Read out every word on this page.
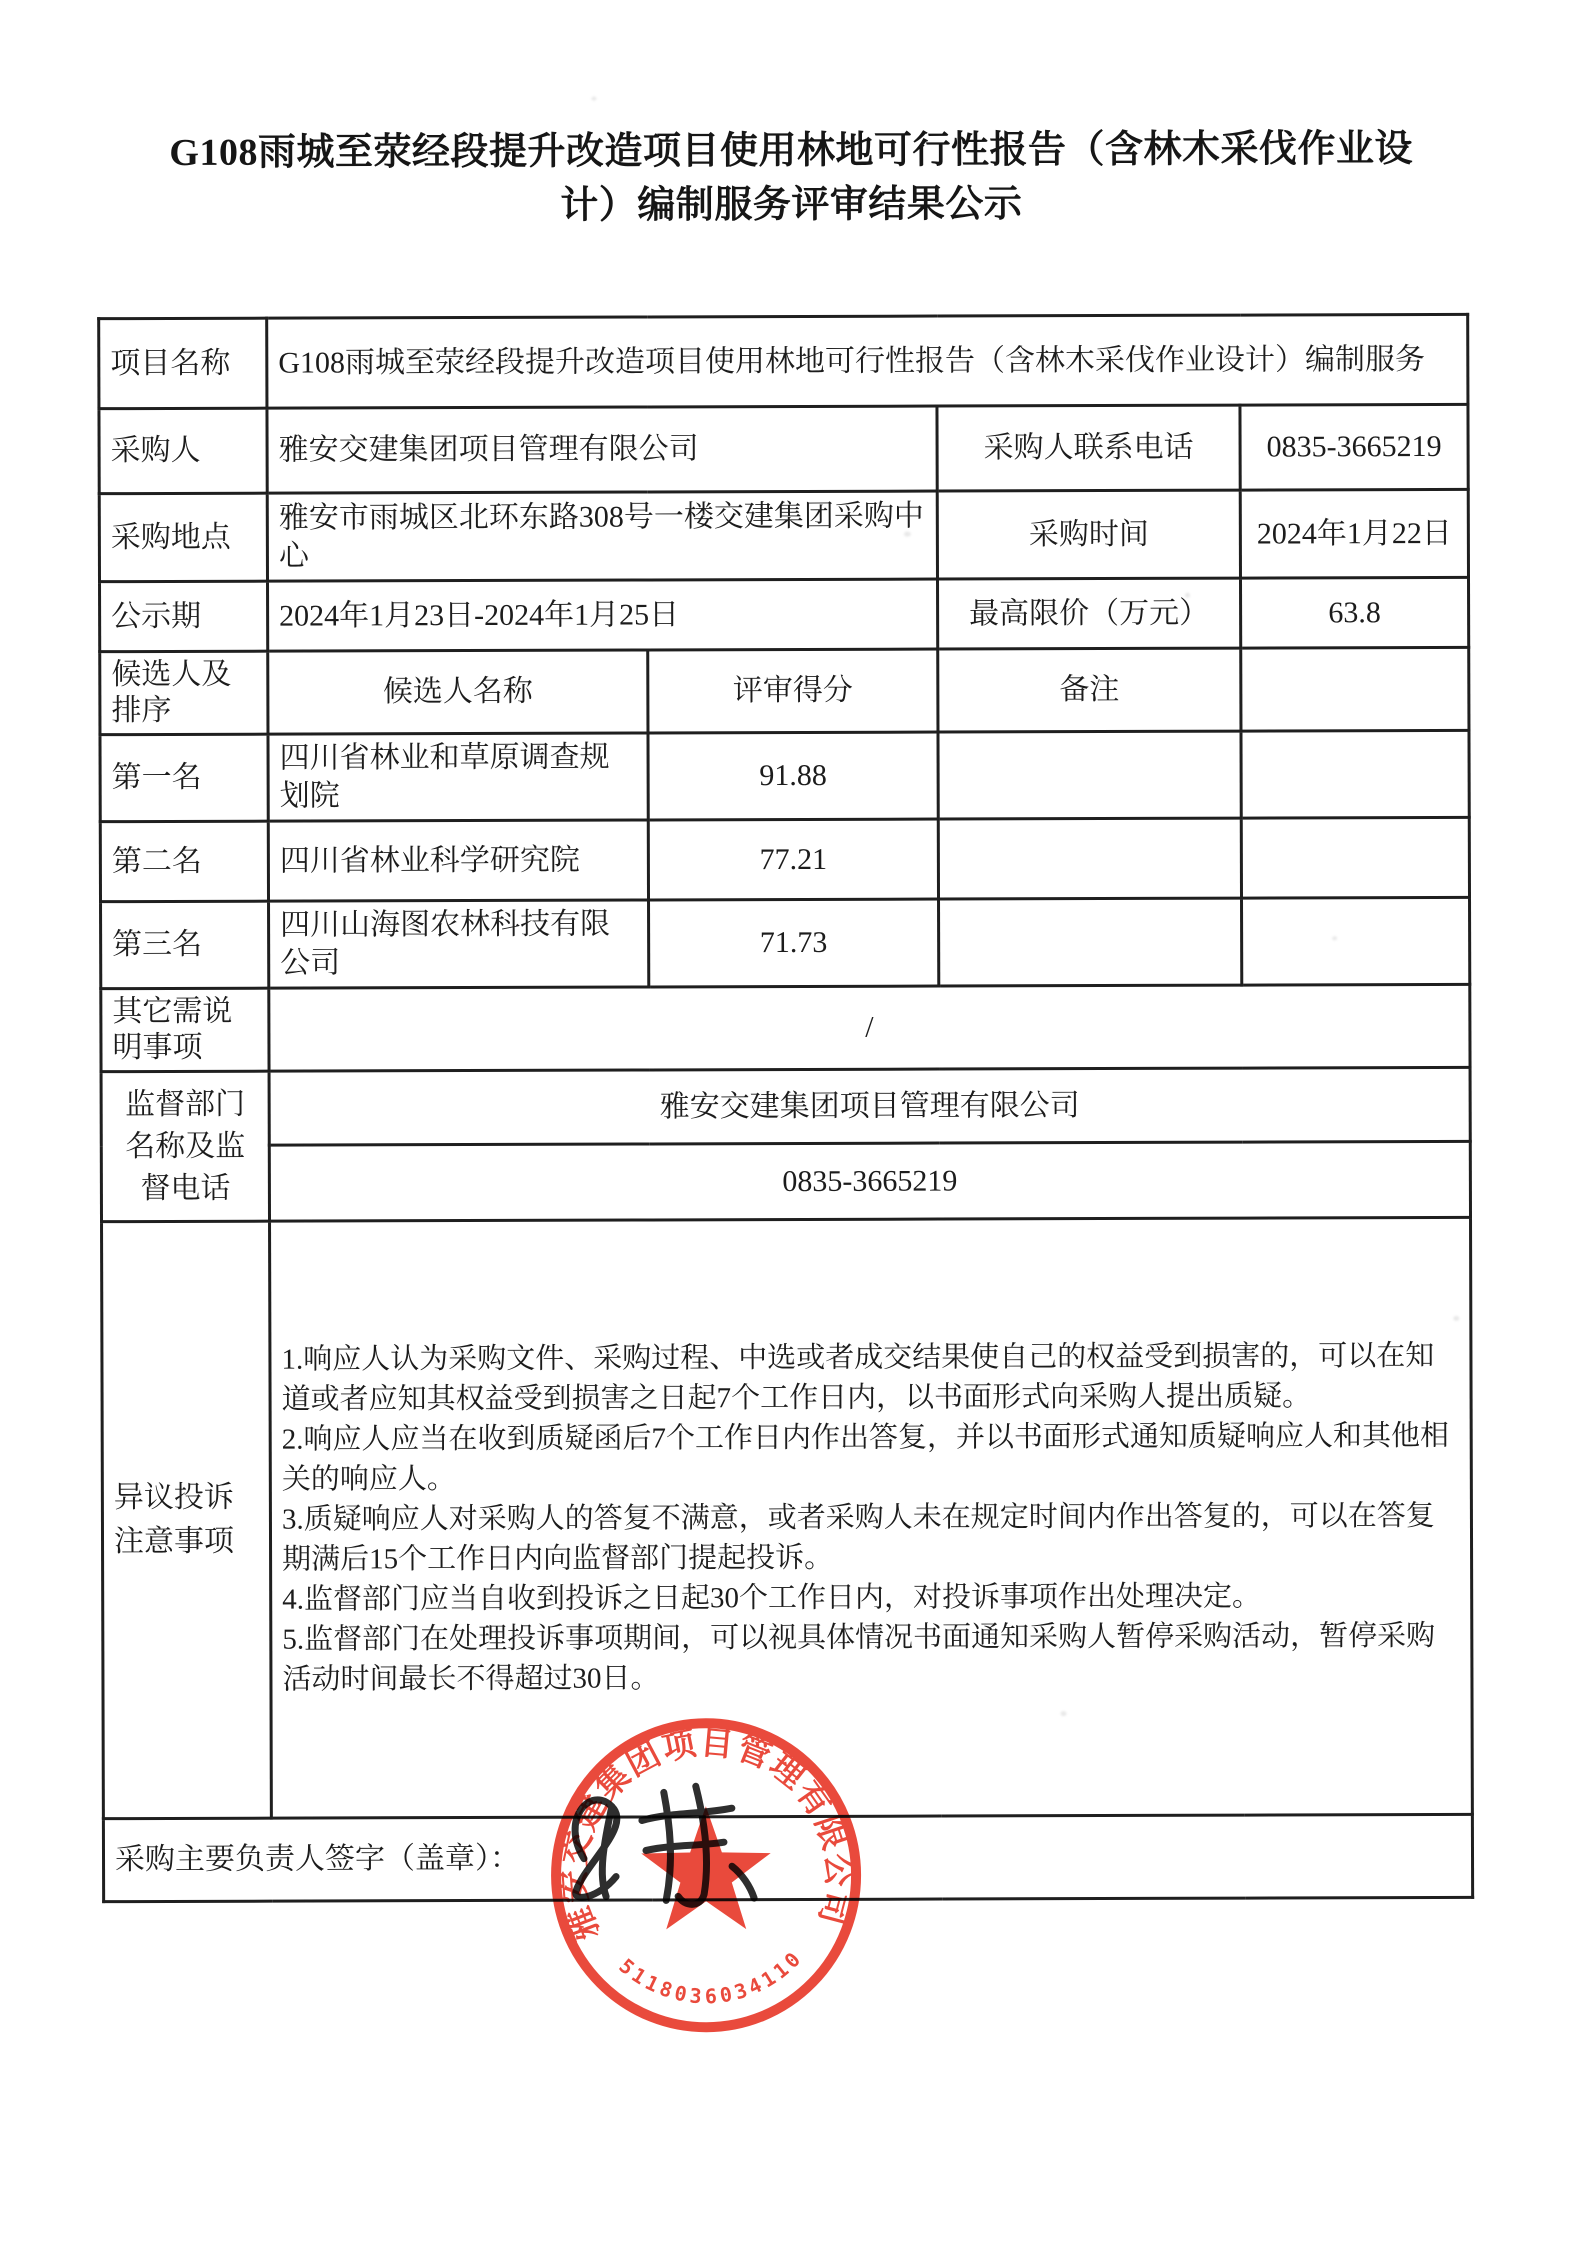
G108雨城至荥经段提升改造项目使用林地可行性报告（含林木采伐作业设计）编制服务评审结果公示
项目名称	G108雨城至荥经段提升改造项目使用林地可行性报告（含林木采伐作业设计）编制服务			
采购人	雅安交建集团项目管理有限公司		采购人联系电话	0835-3665219
采购地点	雅安市雨城区北环东路308号一楼交建集团采购中心		采购时间	2024年1月22日
公示期	2024年1月23日-2024年1月25日		最高限价（万元）	63.8
候选人及排序	候选人名称	评审得分	备注	
第一名	四川省林业和草原调查规划院	91.88		
第二名	四川省林业科学研究院	77.21		
第三名	四川山海图农林科技有限公司	71.73		
其它需说明事项	/			
监督部门名称及监督电话	雅安交建集团项目管理有限公司			
	0835-3665219			
异议投诉注意事项	1.响应人认为采购文件、采购过程、中选或者成交结果使自己的权益受到损害的，可以在知道或者应知其权益受到损害之日起7个工作日内，以书面形式向采购人提出质疑。
2.响应人应当在收到质疑函后7个工作日内作出答复，并以书面形式通知质疑响应人和其他相关的响应人。
3.质疑响应人对采购人的答复不满意，或者采购人未在规定时间内作出答复的，可以在答复期满后15个工作日内向监督部门提起投诉。
4.监督部门应当自收到投诉之日起30个工作日内，对投诉事项作出处理决定。
5.监督部门在处理投诉事项期间，可以视具体情况书面通知采购人暂停采购活动，暂停采购活动时间最长不得超过30日。			

采购主要负责人签字（盖章）：				
雅安交建集团项目管理有限公司
5118036034110
